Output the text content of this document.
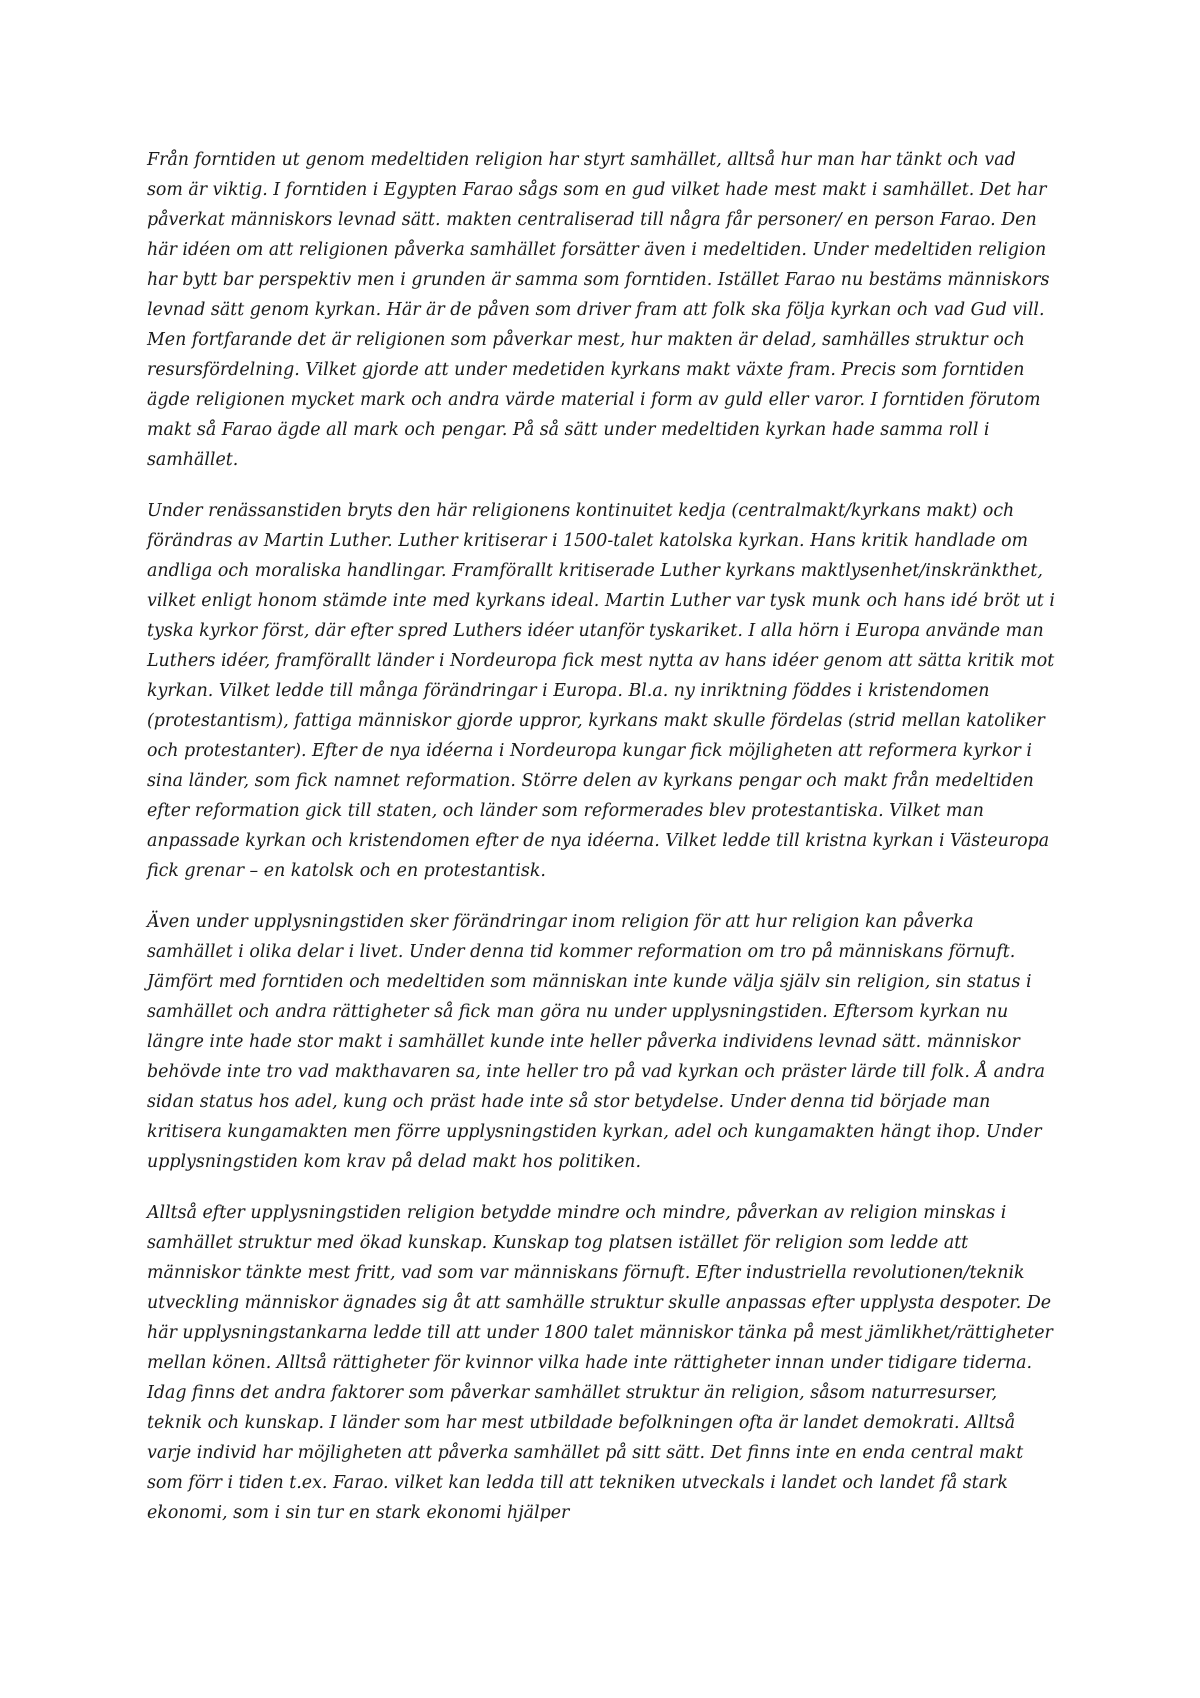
Från forntiden ut genom medeltiden religion har styrt samhället, alltså hur man har tänkt och vad som är viktig. I forntiden i Egypten Farao sågs som en gud vilket hade mest makt i samhället. Det har påverkat människors levnad sätt. makten centraliserad till några får personer/ en person Farao. Den här idéen om att religionen påverka samhället forsätter även i medeltiden. Under medeltiden religion har bytt bar perspektiv men i grunden är samma som forntiden. Istället Farao nu bestäms människors levnad sätt genom kyrkan. Här är de påven som driver fram att folk ska följa kyrkan och vad Gud vill. Men fortfarande det är religionen som påverkar mest, hur makten är delad, samhälles struktur och resursfördelning. Vilket gjorde att under medetiden kyrkans makt växte fram. Precis som forntiden ägde religionen mycket mark och andra värde material i form av guld eller varor. I forntiden förutom makt så Farao ägde all mark och pengar. På så sätt under medeltiden kyrkan hade samma roll i samhället.

Under renässanstiden bryts den här religionens kontinuitet kedja (centralmakt/kyrkans makt) och förändras av Martin Luther. Luther kritiserar i 1500-talet katolska kyrkan. Hans kritik handlade om andliga och moraliska handlingar. Framförallt kritiserade Luther kyrkans maktlysenhet/inskränkthet, vilket enligt honom stämde inte med kyrkans ideal. Martin Luther var tysk munk och hans idé bröt ut i tyska kyrkor först, där efter spred Luthers idéer utanför tyskariket. I alla hörn i Europa använde man Luthers idéer, framförallt länder i Nordeuropa fick mest nytta av hans idéer genom att sätta kritik mot kyrkan. Vilket ledde till många förändringar i Europa. Bl.a. ny inriktning föddes i kristendomen (protestantism), fattiga människor gjorde uppror, kyrkans makt skulle fördelas (strid mellan katoliker och protestanter). Efter de nya idéerna i Nordeuropa kungar fick möjligheten att reformera kyrkor i sina länder, som fick namnet reformation. Större delen av kyrkans pengar och makt från medeltiden efter reformation gick till staten, och länder som reformerades blev protestantiska. Vilket man anpassade kyrkan och kristendomen efter de nya idéerna. Vilket ledde till kristna kyrkan i Västeuropa fick grenar – en katolsk och en protestantisk.

Även under upplysningstiden sker förändringar inom religion för att hur religion kan påverka samhället i olika delar i livet. Under denna tid kommer reformation om tro på människans förnuft. Jämfört med forntiden och medeltiden som människan inte kunde välja själv sin religion, sin status i samhället och andra rättigheter så fick man göra nu under upplysningstiden. Eftersom kyrkan nu längre inte hade stor makt i samhället kunde inte heller påverka individens levnad sätt. människor behövde inte tro vad makthavaren sa, inte heller tro på vad kyrkan och präster lärde till folk. Å andra sidan status hos adel, kung och präst hade inte så stor betydelse. Under denna tid började man kritisera kungamakten men förre upplysningstiden kyrkan, adel och kungamakten hängt ihop. Under upplysningstiden kom krav på delad makt hos politiken.

Alltså efter upplysningstiden religion betydde mindre och mindre, påverkan av religion minskas i samhället struktur med ökad kunskap. Kunskap tog platsen istället för religion som ledde att människor tänkte mest fritt, vad som var människans förnuft. Efter industriella revolutionen/teknik utveckling människor ägnades sig åt att samhälle struktur skulle anpassas efter upplysta despoter. De här upplysningstankarna ledde till att under 1800 talet människor tänka på mest jämlikhet/rättigheter mellan könen. Alltså rättigheter för kvinnor vilka hade inte rättigheter innan under tidigare tiderna. Idag finns det andra faktorer som påverkar samhället struktur än religion, såsom naturresurser, teknik och kunskap. I länder som har mest utbildade befolkningen ofta är landet demokrati. Alltså varje individ har möjligheten att påverka samhället på sitt sätt. Det finns inte en enda central makt som förr i tiden t.ex. Farao. vilket kan ledda till att tekniken utveckals i landet och landet få stark ekonomi, som i sin tur en stark ekonomi hjälper
